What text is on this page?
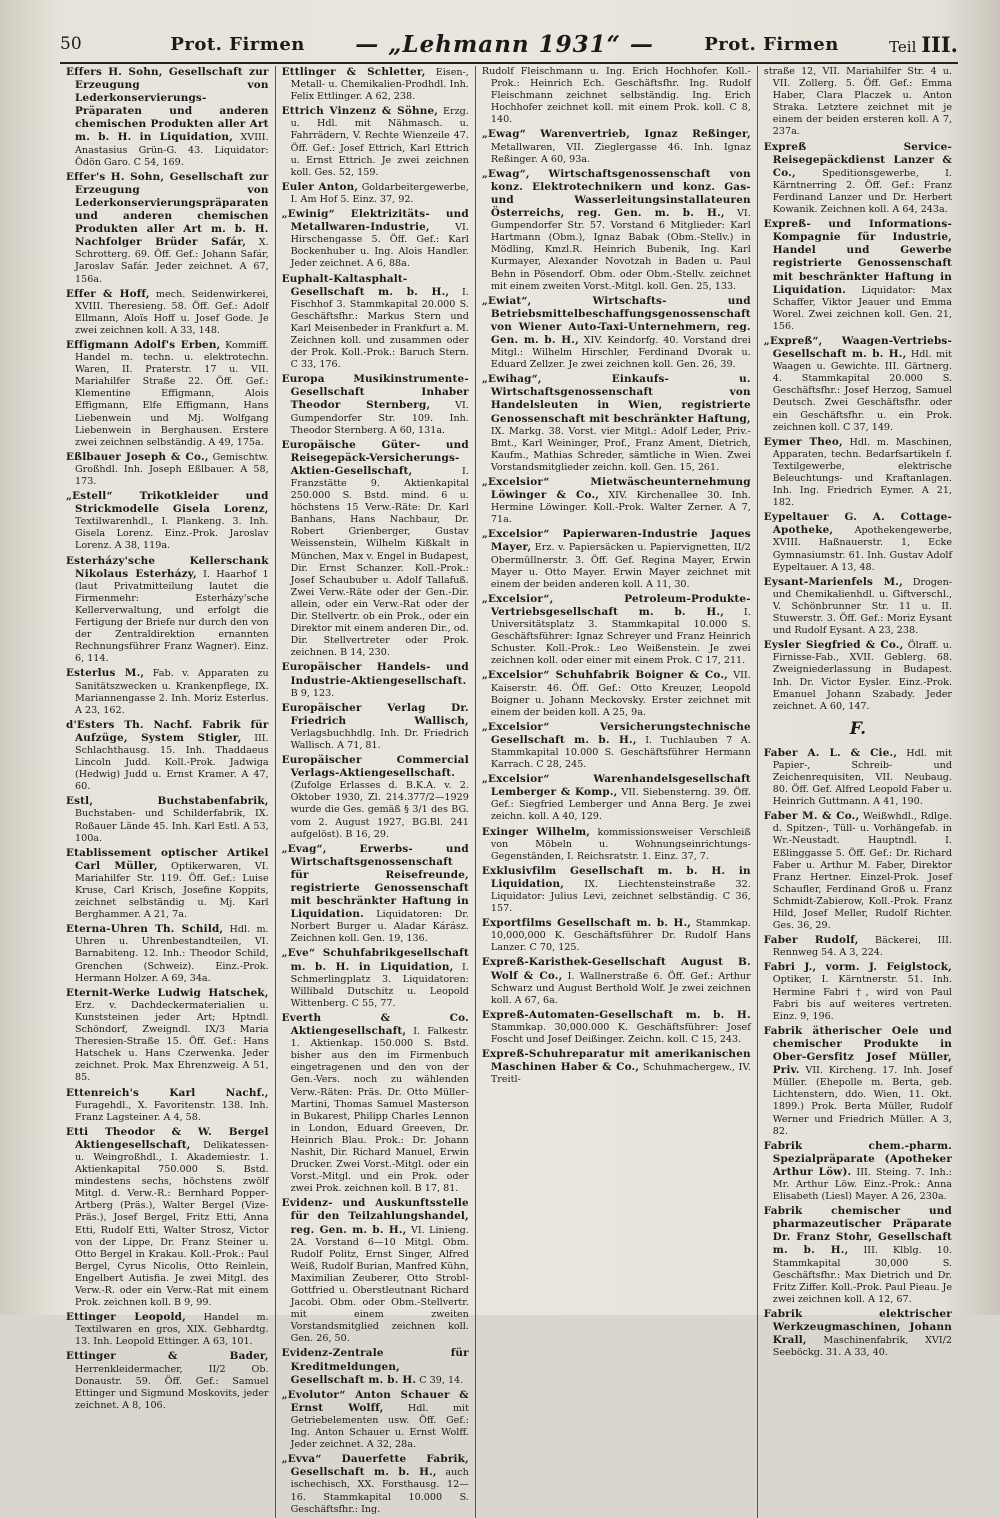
50	Prot. Firmen — „Lehmann 1931“ —	Prot. Firmen	Teil III.

Effers H. Sohn, Gesellschaft zur Erzeugung von Lederkonservierungs-Präparaten und anderen chemischen Produkten aller Art m. b. H. in Liquidation, XVIII. Anastasius Grün-G. 43. Liquidator: Ödön Garo. C 54, 169.

Effer's H. Sohn, Gesellschaft zur Erzeugung von Lederkonservierungspräparaten und anderen chemischen Produkten aller Art m. b. H. Nachfolger Brüder Safár, X. Schrotterg. 69. Öff. Gef.: Johann Safár, Jaroslav Safár. Jeder zeichnet. A 67, 156a.

Effer & Hoff, mech. Seidenwirkerei, XVIII. Theresieng. 58. Öff. Gef.: Adolf Ellmann, Aloïs Hoff u. Josef Gode. Je zwei zeichnen koll. A 33, 148.

Effigmann Adolf's Erben, Kommiff. Handel m. techn. u. elektrotechn. Waren, II. Praterstr. 17 u. VII. Mariahilfer Straße 22. Öff. Gef.: Klementine Effigmann, Alois Effigmann, Elfe Effigmann, Hans Liebenwein und Mj. Wolfgang Liebenwein in Berghausen. Erstere zwei zeichnen selbständig. A 49, 175a.

Eßlbauer Joseph & Co., Gemischtw. Großhdl. Inh. Joseph Eßlbauer. A 58, 173.

„Estell“ Trikotkleider und Strickmodelle Gisela Lorenz, Textilwarenhdl., I. Plankeng. 3. Inh. Gisela Lorenz. Einz.-Prok. Jaroslav Lorenz. A 38, 119a.

Esterházy'sche Kellerschank Nikolaus Esterházy, I. Haarhof 1 (laut Privatmitteilung lautet die Firmenmehr: Esterházy'sche Kellerverwaltung, und erfolgt die Fertigung der Briefe nur durch den von der Zentraldirektion ernannten Rechnungsführer Franz Wagner). Einz. 6, 114.

Esterlus M., Fab. v. Apparaten zu Sanitätszwecken u. Krankenpflege, IX. Mariannengasse 2. Inh. Moriz Esterlus. A 23, 162.

d'Esters Th. Nachf. Fabrik für Aufzüge, System Stigler, III. Schlachthausg. 15. Inh. Thaddaeus Lincoln Judd. Koll.-Prok. Jadwiga (Hedwig) Judd u. Ernst Kramer. A 47, 60.

Estl, Buchstabenfabrik, Buchstaben- und Schilderfabrik, IX. Roßauer Lände 45. Inh. Karl Estl. A 53, 100a.

Etablissement optischer Artikel Carl Müller, Optikerwaren, VI. Mariahilfer Str. 119. Öff. Gef.: Luise Kruse, Carl Krisch, Josefine Koppits, zeichnet selbständig u. Mj. Karl Berghammer. A 21, 7a.

Eterna-Uhren Th. Schild, Hdl. m. Uhren u. Uhrenbestandteilen, VI. Barnabiteng. 12. Inh.: Theodor Schild, Grenchen (Schweiz). Einz.-Prok. Hermann Holzer. A 69, 34a.

Eternit-Werke Ludwig Hatschek, Erz. v. Dachdeckermaterialien u. Kunststeinen jeder Art; Hptndl. Schöndorf, Zweigndl. IX/3 Maria Theresien-Straße 15. Öff. Gef.: Hans Hatschek u. Hans Czerwenka. Jeder zeichnet. Prok. Max Ehrenzweig. A 51, 85.

Ettenreich's Karl Nachf., Furagehdl., X. Favoritenstr. 138. Inh. Franz Lagsteiner. A 4, 58.

Etti Theodor & W. Bergel Aktiengesellschaft, Delikatessen- u. Weingroßhdl., I. Akademiestr. 1. Aktienkapital 750.000 S. Bstd. mindestens sechs, höchstens zwölf Mitgl. d. Verw.-R.: Bernhard Popper-Artberg (Präs.), Walter Bergel (Vize-Präs.), Josef Bergel, Fritz Etti, Anna Etti, Rudolf Etti, Walter Strosz, Victor von der Lippe, Dr. Franz Steiner u. Otto Bergel in Krakau. Koll.-Prok.: Paul Bergel, Cyrus Nicolis, Otto Reinlein, Engelbert Autisfia. Je zwei Mitgl. des Verw.-R. oder ein Verw.-Rat mit einem Prok. zeichnen koll. B 9, 99.

Ettinger Leopold, Handel m. Textilwaren en gros, XIX. Gebhardtg. 13. Inh. Leopold Ettinger. A 63, 101.

Ettinger & Bader, Herrenkleidermacher, II/2 Ob. Donaustr. 59. Öff. Gef.: Samuel Ettinger und Sigmund Moskovits, jeder zeichnet. A 8, 106.

Ettlinger & Schletter, Eisen-, Metall- u. Chemikalien-Prodhdl. Inh. Felix Ettlinger. A 62, 238.

Ettrich Vinzenz & Söhne, Erzg. u. Hdl. mit Nähmasch. u. Fahrrädern, V. Rechte Wienzeile 47. Öff. Gef.: Josef Ettrich, Karl Ettrich u. Ernst Ettrich. Je zwei zeichnen koll. Ges. 52, 159.

Euler Anton, Goldarbeitergewerbe, I. Am Hof 5. Einz. 37, 92.

„Ewinig“ Elektrizitäts- und Metallwaren-Industrie,	VI. Hirschengasse 5. Öff. Gef.: Karl Bockenhuber u. Ing. Alois Handler. Jeder zeichnet. A 6, 88a.

Euphalt-Kaltasphalt-Gesellschaft m. b. H., I. Fischhof 3. Stammkapital 20.000 S. Geschäftsfhr.: Markus Stern und Karl Meisenbeder in Frankfurt a. M. Zeichnen koll. und zusammen oder der Prok. Koll.-Prok.: Baruch Stern. C 33, 176.

Europa Musikinstrumente-Gesellschaft Inhaber Theodor Sternberg,	VI. Gumpendorfer Str. 109. Inh. Theodor Sternberg. A 60, 131a.

Europäische Güter- und Reisegepäck-Versicherungs-Aktien-Gesellschaft,	I. Franzstätte 9. Aktienkapital 250.000 S. Bstd. mind. 6 u. höchstens 15 Verw.-Räte: Dr. Karl Banhans, Hans Nachbaur, Dr. Robert Grienberger, Gustav Weissenstein, Wilhelm Kißkalt in München, Max v. Engel in Budapest, Dir. Ernst Schanzer. Koll.-Prok.: Josef Schaububer u. Adolf Tallafuß. Zwei Verw.-Räte oder der Gen.-Dir. allein, oder ein Verw.-Rat oder der Dir. Stellvertr. ob ein Prok., oder ein Direktor mit einem anderen Dir., od. Dir. Stellvertreter oder Prok. zeichnen. B 14, 230.

Europäischer Handels- und Industrie-Aktiengesellschaft. B 9, 123.

Europäischer Verlag Dr. Friedrich Wallisch, Verlagsbuchhdlg. Inh. Dr. Friedrich Wallisch. A 71, 81.

Europäischer Commercial Verlags-Aktiengesellschaft. (Zufolge Erlasses d. B.K.A. v. 2. Oktober 1930, Zl. 214.377/2—1929 wurde die Ges. gemäß § 3/1 des BG. vom 2. August 1927, BG.Bl. 241 aufgelöst). B 16, 29.

„Evag“, Erwerbs- und Wirtschaftsgenossenschaft für Reisefreunde, registrierte Genossenschaft mit beschränkter Haftung in Liquidation. Liquidatoren: Dr. Norbert Burger u. Aladar Kárász. Zeichnen koll. Gen. 19, 136.

„Eve“ Schuhfabrikgesellschaft m. b. H. in Liquidation, I. Schmerlingplatz 3. Liquidatoren: Willibald Dutschitz u. Leopold Wittenberg. C 55, 77.

Everth & Co. Aktiengesellschaft, I. Falkestr. 1. Aktienkap. 150.000 S. Bstd. bisher aus den im Firmenbuch eingetragenen und den von der Gen.-Vers. noch zu wählenden Verw.-Räten: Präs. Dr. Otto Müller-Martini, Thomas Samuel Masterson in Bukarest, Philipp Charles Lennon in London, Eduard Greeven, Dr. Heinrich Blau. Prok.: Dr. Johann Nashit, Dir. Richard Manuel, Erwin Drucker. Zwei Vorst.-Mitgl. oder ein Vorst.-Mitgl. und ein Prok. oder zwei Prok. zeichnen koll. B 17, 81.

Evidenz- und Auskunftsstelle für den Teilzahlungshandel, reg. Gen. m. b. H., VI. Linieng. 2A. Vorstand 6—10 Mitgl. Obm. Rudolf Politz, Ernst Singer, Alfred Weiß, Rudolf Burian, Manfred Kühn, Maximilian Zeuberer, Otto Strobl-Gottfried u. Oberstleutnant Richard Jacobi. Obm. oder Obm.-Stellvertr. mit einem zweiten Vorstandsmitglied zeichnen koll. Gen. 26, 50.

Evidenz-Zentrale für Kreditmeldungen, Gesellschaft m. b. H. C 39, 14.

„Evolutor“ Anton Schauer & Ernst Wolff,	Hdl. mit Getriebelementen usw. Öff. Gef.: Ing. Anton Schauer u. Ernst Wolff. Jeder zeichnet. A 32, 28a.

„Evva“ Dauerfette Fabrik, Gesellschaft m. b. H., auch ischechisch, XX. Forsthausg. 12—16. Stammkapital 10.000 S. Geschäftsfhr.: Ing.

Rudolf Fleischmann u. Ing. Erich Hochhofer. Koll.-Prok.: Heinrich Ech. Geschäftsfhr. Ing. Rudolf Fleischmann zeichnet selbständig. Ing. Erich Hochhofer zeichnet koll. mit einem Prok. koll. C 8, 140.

„Ewag“ Warenvertrieb, Ignaz Reßinger, Metallwaren, VII. Zieglergasse 46. Inh. Ignaz Reßinger. A 60, 93a.

„Ewag“, Wirtschaftsgenossenschaft von konz. Elektrotechnikern und konz. Gas- und Wasserleitungsinstallateuren Österreichs, reg. Gen. m. b. H., VI. Gumpendorfer Str. 57. Vorstand 6 Mitglieder: Karl Hartmann (Obm.), Ignaz Babak (Obm.-Stellv.) in Mödling, Kmzl.R. Heinrich Bubenik, Ing. Karl Kurmayer, Alexander Novotzah in Baden u. Paul Behn in Pösendorf. Obm. oder Obm.-Stellv. zeichnet mit einem zweiten Vorst.-Mitgl. koll. Gen. 25, 133.

„Ewiat“, Wirtschafts- und Betriebsmittelbeschaffungsgenossenschaft von Wiener Auto-Taxi-Unternehmern, reg. Gen. m. b. H., XIV. Keindorfg. 40. Vorstand drei Mitgl.: Wilhelm Hirschler, Ferdinand Dvorak u. Eduard Zellzer. Je zwei zeichnen koll. Gen. 26, 39.

„Ewihag“, Einkaufs- u. Wirtschaftsgenossenschaft von Handelsleuten in Wien, registrierte Genossenschaft mit beschränkter Haftung, IX. Markg. 38. Vorst. vier Mitgl.: Adolf Leder, Priv.-Bmt., Karl Weininger, Prof., Franz Ament, Dietrich, Kaufm., Mathias Schreder, sämtliche in Wien. Zwei Vorstandsmitglieder zeichn. koll. Gen. 15, 261.

„Excelsior“ Mietwäscheunternehmung Löwinger & Co., XIV. Kirchenallee 30. Inh. Hermine Löwinger. Koll.-Prok. Walter Zerner. A 7, 71a.

„Excelsior“ Papierwaren-Industrie Jaques Mayer, Erz. v. Papiersäcken u. Papiervignetten, II/2 Obermüllnerstr. 3. Öff. Gef. Regina Mayer, Erwin Mayer u. Otto Mayer. Erwin Mayer zeichnet mit einem der beiden anderen koll. A 11, 30.

„Excelsior“, Petroleum-Produkte-Vertriebsgesellschaft m. b. H., I. Universitätsplatz 3. Stammkapital 10.000 S. Geschäftsführer: Ignaz Schreyer und Franz Heinrich Schuster. Koll.-Prok.: Leo Weißenstein. Je zwei zeichnen koll. oder einer mit einem Prok. C 17, 211.

„Excelsior“ Schuhfabrik Boigner & Co., VII. Kaiserstr. 46. Öff. Gef.: Otto Kreuzer, Leopold Boigner u. Johann Meckovsky. Erster zeichnet mit einem der beiden koll. A 25, 9a.

„Excelsior“ Versicherungstechnische Gesellschaft m. b. H., I. Tuchlauben 7 A. Stammkapital 10.000 S. Geschäftsführer Hermann Karrach. C 28, 245.

„Excelsior“ Warenhandelsgesellschaft Lemberger & Komp., VII. Siebensterng. 39. Öff. Gef.: Siegfried Lemberger und Anna Berg. Je zwei zeichn. koll. A 40, 129.

Exinger Wilhelm, kommissionsweiser Verschleiß von Möbeln u. Wohnungseinrichtungs-Gegenständen, I. Reichsratstr. 1. Einz. 37, 7.

Exklusivfilm Gesellschaft m. b. H. in Liquidation, IX. Liechtensteinstraße 32. Liquidator: Julius Levi, zeichnet selbständig. C 36, 157.

Exportfilms Gesellschaft m. b. H., Stammkap. 10,000,000 K. Geschäftsführer Dr. Rudolf Hans Lanzer. C 70, 125.

Expreß-Karisthek-Gesellschaft August B. Wolf & Co., I. Wallnerstraße 6. Öff. Gef.: Arthur Schwarz und August Berthold Wolf. Je zwei zeichnen koll. A 67, 6a.

Expreß-Automaten-Gesellschaft m. b. H. Stammkap. 30,000.000 K. Geschäftsführer: Josef Foscht und Josef Deißinger. Zeichn. koll. C 15, 243.

Expreß-Schuhreparatur mit amerikanischen Maschinen Haber & Co., Schuhmachergew., IV. Treitl-

straße 12, VII. Mariahilfer Str. 4 u. VII. Zollerg. 5. Öff. Gef.: Emma Haber, Clara Placzek u. Anton Straka. Letztere zeichnet mit je einem der beiden ersteren koll. A 7, 237a.

Expreß Service-Reisegepäckdienst Lanzer & Co.,	Speditionsgewerbe, I. Kärntnerring 2. Öff. Gef.: Franz Ferdinand Lanzer und Dr. Herbert Kowanik. Zeichnen koll. A 64, 243a.

Expreß- und Informations-Kompagnie für Industrie, Handel und Gewerbe registrierte Genossenschaft mit beschränkter Haftung in Liquidation. Liquidator: Max Schaffer, Viktor Jeauer und Emma Worel. Zwei zeichnen koll. Gen. 21, 156.

„Expreß“, Waagen-Vertriebs-Gesellschaft m. b. H., Hdl. mit Waagen u. Gewichte. III. Gärtnerg. 4. Stammkapital 20.000 S. Geschäftsfhr.: Josef Herzog, Samuel Deutsch. Zwei Geschäftsfhr. oder ein Geschäftsfhr. u. ein Prok. zeichnen koll. C 37, 149.

Eymer Theo, Hdl. m. Maschinen, Apparaten, techn. Bedarfsartikeln f. Textilgewerbe, elektrische Beleuchtungs- und Kraftanlagen. Inh. Ing. Friedrich Eymer. A 21, 182.

Eypeltauer G. A. Cottage-Apotheke, Apothekengewerbe, XVIII. Haßnauerstr. 1, Ecke Gymnasiumstr. 61. Inh. Gustav Adolf Eypeltauer. A 13, 48.

Eysant-Marienfels M., Drogen- und Chemikalienhdl. u. Giftverschl., V. Schönbrunner Str. 11 u. II. Stuwerstr. 3. Öff. Gef.: Moriz Eysant und Rudolf Eysant. A 23, 238.

Eysler Siegfried & Co., Ölraff. u. Firnisse-Fab., XVII. Geblerg. 68. Zweigniederlassung in Budapest. Inh. Dr. Victor Eysler. Einz.-Prok. Emanuel Johann Szabady. Jeder zeichnet. A 60, 147.

F.

Faber A. L. & Cie., Hdl. mit Papier-, Schreib- und Zeichenrequisiten, VII. Neubaug. 80. Öff. Gef. Alfred Leopold Faber u. Heinrich Guttmann. A 41, 190.

Faber M. & Co., Weißwhdl., Rdlge. d. Spitzen-, Tüll- u. Vorhängefab. in Wr.-Neustadt. Hauptndl. I. Eßlinggasse 5. Öff. Gef.: Dr. Richard Faber u. Arthur M. Faber, Direktor Franz Hertner. Einzel-Prok. Josef Schaufler, Ferdinand Groß u. Franz Schmidt-Zabierow, Koll.-Prok. Franz Hild, Josef Meller, Rudolf Richter. Ges. 36, 29.

Faber Rudolf, Bäckerei, III. Rennweg 54. A 3, 224.

Fabri J., vorm. J. Feiglstock, Optiker, I. Kärntnerstr. 51. Inh. Hermine Fabri †, wird von Paul Fabri bis auf weiteres vertreten. Einz. 9, 196.

Fabrik ätherischer Oele und chemischer Produkte in Ober-Gersfitz Josef Müller, Priv. VII. Kircheng. 17. Inh. Josef Müller. (Ehepolle m. Berta, geb. Lichtenstern, ddo. Wien, 11. Okt. 1899.) Prok. Berta Müller, Rudolf Werner und Friedrich Müller. A 3, 82.

Fabrik chem.-pharm. Spezialpräparate (Apotheker Arthur Löw). III. Steing. 7. Inh.: Mr. Arthur Löw. Einz.-Prok.: Anna Elisabeth (Liesl) Mayer. A 26, 230a.

Fabrik chemischer und pharmazeutischer Präparate Dr. Franz Stohr, Gesellschaft m. b. H., III. Klblg. 10. Stammkapital 30,000 S. Geschäftsfhr.: Max Dietrich und Dr. Fritz Ziffer. Koll.-Prok. Paul Pieau. Je zwei zeichnen koll. A 12, 67.

Fabrik elektrischer Werkzeugmaschinen, Johann Krall, Maschinenfabrik, XVI/2 Seeböckg. 31. A 33, 40.
